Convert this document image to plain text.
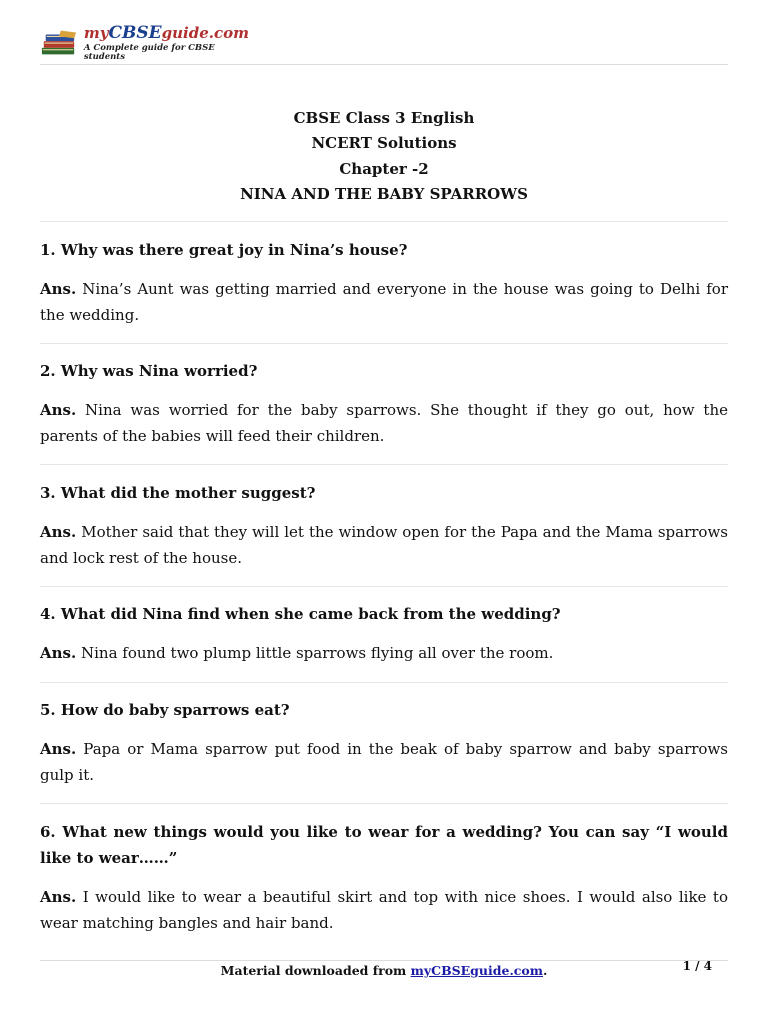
myCBSEguide.com
A Complete guide for CBSE students
CBSE Class 3 English
NCERT Solutions
Chapter -2
NINA AND THE BABY SPARROWS
1. Why was there great joy in Nina’s house?
Ans. Nina’s Aunt was getting married and everyone in the house was going to Delhi for the wedding.
2. Why was Nina worried?
Ans. Nina was worried for the baby sparrows. She thought if they go out, how the parents of the babies will feed their children.
3. What did the mother suggest?
Ans. Mother said that they will let the window open for the Papa and the Mama sparrows and lock rest of the house.
4. What did Nina find when she came back from the wedding?
Ans. Nina found two plump little sparrows flying all over the room.
5. How do baby sparrows eat?
Ans. Papa or Mama sparrow put food in the beak of baby sparrow and baby sparrows gulp it.
6. What new things would you like to wear for a wedding? You can say “I would like to wear……”
Ans. I would like to wear a beautiful skirt and top with nice shoes. I would also like to wear matching bangles and hair band.
Material downloaded from myCBSEguide.com.	1 / 4
